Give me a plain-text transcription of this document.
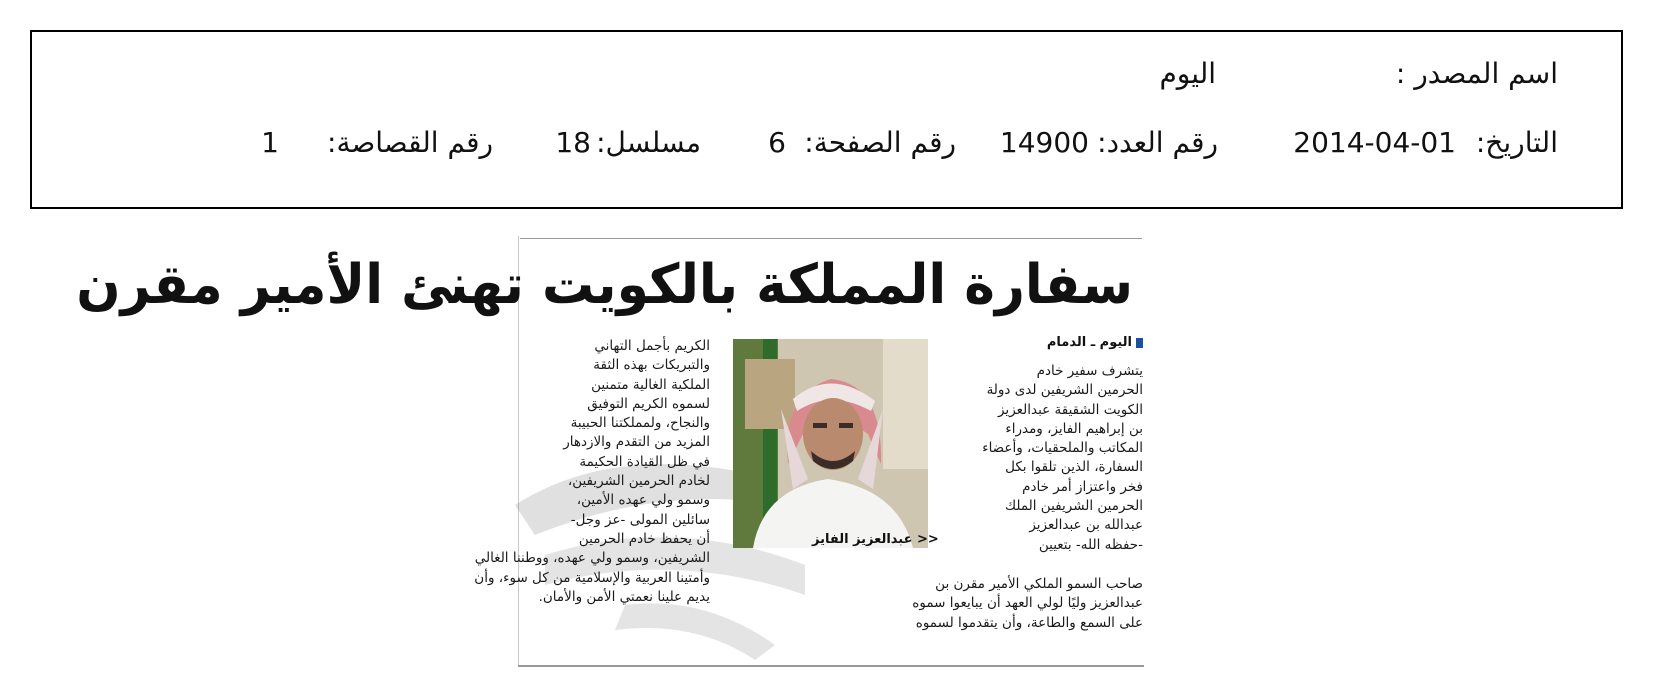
اسم المصدر :
اليوم
التاريخ:
2014-04-01
رقم العدد:
14900
رقم الصفحة:
6
مسلسل:
18
رقم القصاصة:
1
سفارة المملكة بالكويت تهنئ الأمير مقرن
اليوم ـ الدمام
<< عبدالعزيز الفايز
يتشرف سفير خادم
الحرمين الشريفين لدى دولة
الكويت الشقيقة عبدالعزيز
بن إبراهيم الفايز، ومدراء
المكاتب والملحقيات، وأعضاء
السفارة، الذين تلقوا بكل
فخر واعتزاز أمر خادم
الحرمين الشريفين الملك
عبدالله بن عبدالعزيز
-حفظه الله- بتعيين
صاحب السمو الملكي الأمير مقرن بن
عبدالعزيز وليًا لولي العهد أن يبايعوا سموه
على السمع والطاعة، وأن يتقدموا لسموه
الكريم بأجمل التهاني
والتبريكات بهذه الثقة
الملكية الغالية متمنين
لسموه الكريم التوفيق
والنجاح، ولمملكتنا الحبيبة
المزيد من التقدم والازدهار
في ظل القيادة الحكيمة
لخادم الحرمين الشريفين،
وسمو ولي عهده الأمين،
سائلين المولى -عز وجل-
أن يحفظ خادم الحرمين
الشريفين، وسمو ولي عهده، ووطننا الغالي
وأمتينا العربية والإسلامية من كل سوء، وأن
يديم علينا نعمتي الأمن والأمان.
